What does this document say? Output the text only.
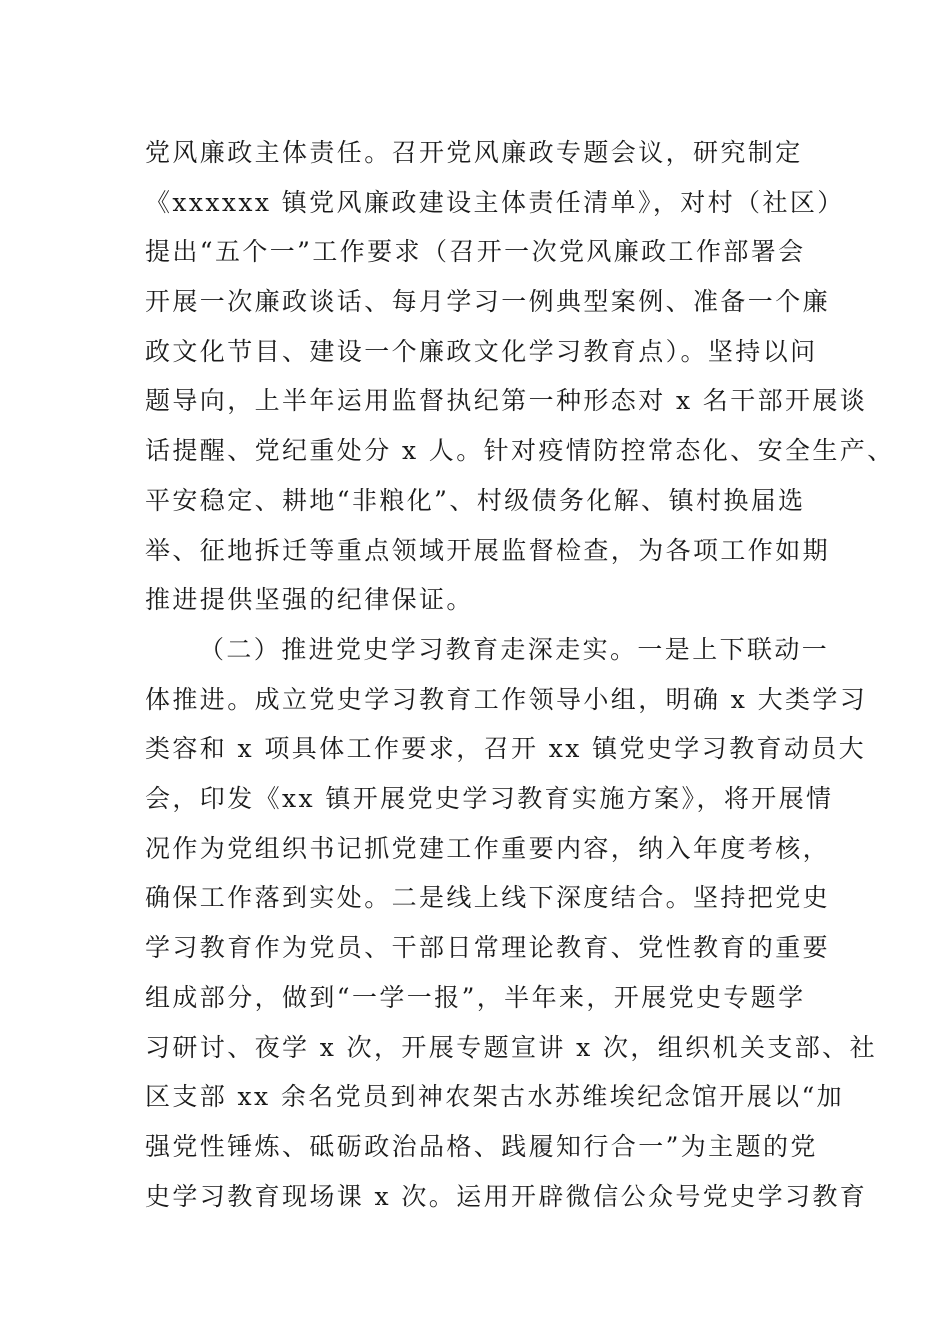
党风廉政主体责任。召开党风廉政专题会议，研究制定
《xxxxxx 镇党风廉政建设主体责任清单》，对村（社区）
提出“五个一”工作要求（召开一次党风廉政工作部署会
开展一次廉政谈话、每月学习一例典型案例、准备一个廉
政文化节目、建设一个廉政文化学习教育点）。坚持以问
题导向，上半年运用监督执纪第一种形态对 x 名干部开展谈
话提醒、党纪重处分 x 人。针对疫情防控常态化、安全生产、
平安稳定、耕地“非粮化”、村级债务化解、镇村换届选
举、征地拆迁等重点领域开展监督检查，为各项工作如期
推进提供坚强的纪律保证。
（二）推进党史学习教育走深走实。一是上下联动一
体推进。成立党史学习教育工作领导小组，明确 x 大类学习
类容和 x 项具体工作要求，召开 xx 镇党史学习教育动员大
会，印发《xx 镇开展党史学习教育实施方案》，将开展情
况作为党组织书记抓党建工作重要内容，纳入年度考核，
确保工作落到实处。二是线上线下深度结合。坚持把党史
学习教育作为党员、干部日常理论教育、党性教育的重要
组成部分，做到“一学一报”，半年来，开展党史专题学
习研讨、夜学 x 次，开展专题宣讲 x 次，组织机关支部、社
区支部 xx 余名党员到神农架古水苏维埃纪念馆开展以“加
强党性锤炼、砥砺政治品格、践履知行合一”为主题的党
史学习教育现场课 x 次。运用开辟微信公众号党史学习教育
